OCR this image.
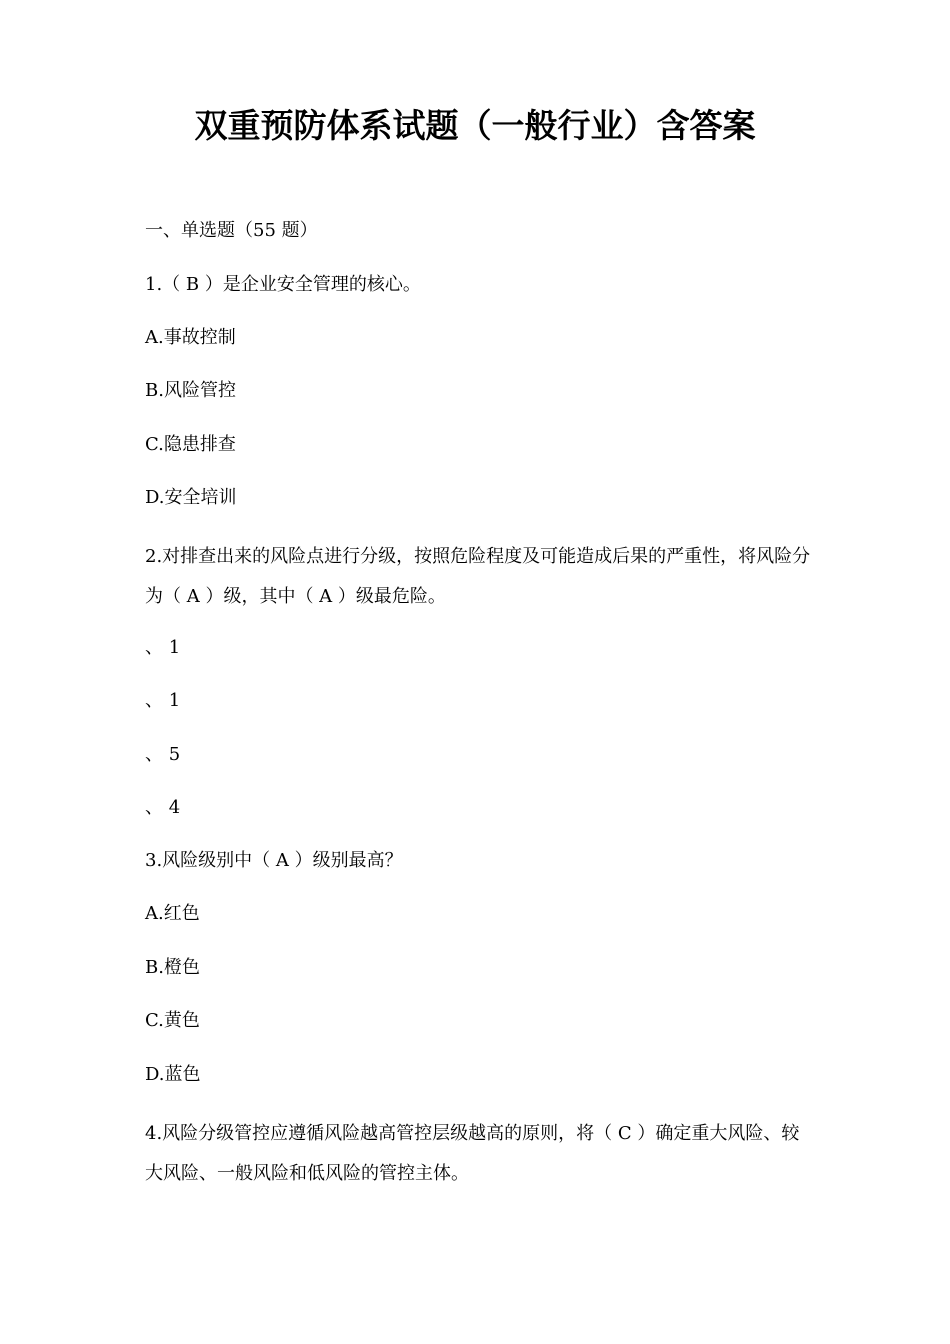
双重预防体系试题（一般行业）含答案
一、单选题（55 题）
1.（ B ）是企业安全管理的核心。
A.事故控制
B.风险管控
C.隐患排查
D.安全培训
2.对排查出来的风险点进行分级，按照危险程度及可能造成后果的严重性，将风险分为（ A ）级，其中（ A ）级最危险。
、 1
、 1
、 5
、 4
3.风险级别中（ A ）级别最高？
A.红色
B.橙色
C.黄色
D.蓝色
4.风险分级管控应遵循风险越高管控层级越高的原则，将（ C ）确定重大风险、较大风险、一般风险和低风险的管控主体。
